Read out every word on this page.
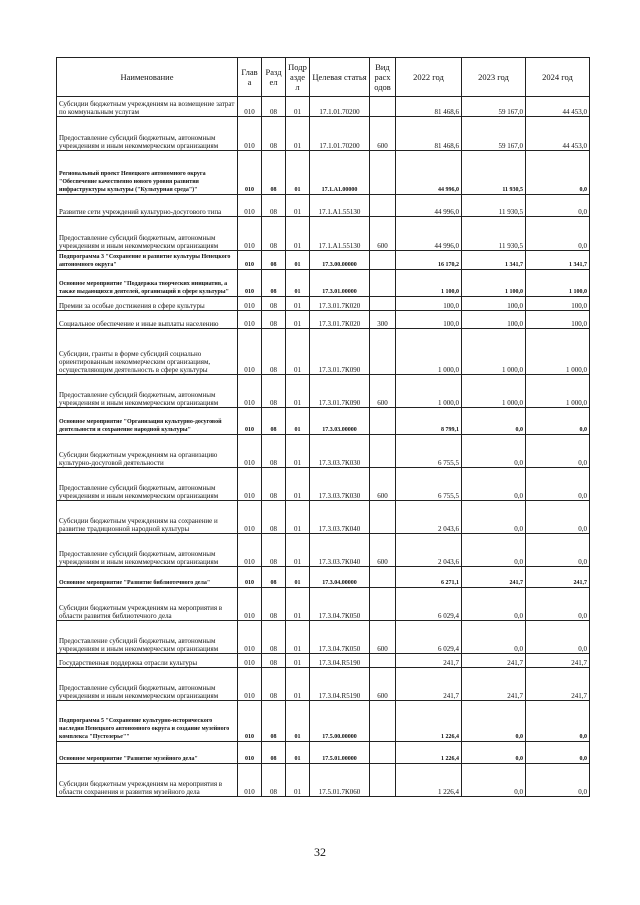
Наименование	Глав а	Разд ел	Подр азде л	Целевая статья	Вид расх одов	2022 год	2023 год	2024 год
Субсидии бюджетным учреждениям на возмещение затрат по коммунальным услугам	010	08	01	17.1.01.70200		81 468,6	59 167,0	44 453,0
Предоставление субсидий бюджетным, автономным учреждениям и иным некоммерческим организациям	010	08	01	17.1.01.70200	600	81 468,6	59 167,0	44 453,0
Региональный проект Ненецкого автономного округа "Обеспечение качественно нового уровня развития инфраструктуры культуры ("Культурная среда")"	010	08	01	17.1.А1.00000		44 996,0	11 930,5	0,0
Развитие сети учреждений культурно-досугового типа	010	08	01	17.1.А1.55130		44 996,0	11 930,5	0,0
Предоставление субсидий бюджетным, автономным учреждениям и иным некоммерческим организациям	010	08	01	17.1.А1.55130	600	44 996,0	11 930,5	0,0
Подпрограмма 3 "Сохранение и развитие культуры Ненецкого автономного округа"	010	08	01	17.3.00.00000		16 170,2	1 341,7	1 341,7
Основное мероприятие "Поддержка творческих инициатив, а также выдающихся деятелей, организаций в сфере культуры"	010	08	01	17.3.01.00000		1 100,0	1 100,0	1 100,0
Премии за особые достижения в сфере культуры	010	08	01	17.3.01.7К020		100,0	100,0	100,0
Социальное обеспечение и иные выплаты населению	010	08	01	17.3.01.7К020	300	100,0	100,0	100,0
Субсидии, гранты в форме субсидий социально ориентированным некоммерческим организациям, осуществляющим деятельность в сфере культуры	010	08	01	17.3.01.7К090		1 000,0	1 000,0	1 000,0
Предоставление субсидий бюджетным, автономным учреждениям и иным некоммерческим организациям	010	08	01	17.3.01.7К090	600	1 000,0	1 000,0	1 000,0
Основное мероприятие "Организация культурно-досуговой деятельности и сохранение народной культуры"	010	08	01	17.3.03.00000		8 799,1	0,0	0,0
Субсидии бюджетным учреждениям на организацию культурно-досуговой деятельности	010	08	01	17.3.03.7К030		6 755,5	0,0	0,0
Предоставление субсидий бюджетным, автономным учреждениям и иным некоммерческим организациям	010	08	01	17.3.03.7К030	600	6 755,5	0,0	0,0
Субсидии бюджетным учреждениям на сохранение и развитие традиционной народной культуры	010	08	01	17.3.03.7К040		2 043,6	0,0	0,0
Предоставление субсидий бюджетным, автономным учреждениям и иным некоммерческим организациям	010	08	01	17.3.03.7К040	600	2 043,6	0,0	0,0
Основное мероприятие "Развитие библиотечного дела"	010	08	01	17.3.04.00000		6 271,1	241,7	241,7
Субсидии бюджетным учреждениям на мероприятия в области развития библиотечного дела	010	08	01	17.3.04.7К050		6 029,4	0,0	0,0
Предоставление субсидий бюджетным, автономным учреждениям и иным некоммерческим организациям	010	08	01	17.3.04.7К050	600	6 029,4	0,0	0,0
Государственная поддержка отрасли культуры	010	08	01	17.3.04.R5190		241,7	241,7	241,7
Предоставление субсидий бюджетным, автономным учреждениям и иным некоммерческим организациям	010	08	01	17.3.04.R5190	600	241,7	241,7	241,7
Подпрограмма 5 "Сохранение культурно-исторического наследия Ненецкого автономного округа и создание музейного комплекса "Пустозерье""	010	08	01	17.5.00.00000		1 226,4	0,0	0,0
Основное мероприятие "Развитие музейного дела"	010	08	01	17.5.01.00000		1 226,4	0,0	0,0
Субсидии бюджетным учреждениям на мероприятия в области сохранения и развития музейного дела	010	08	01	17.5.01.7К060		1 226,4	0,0	0,0
32
